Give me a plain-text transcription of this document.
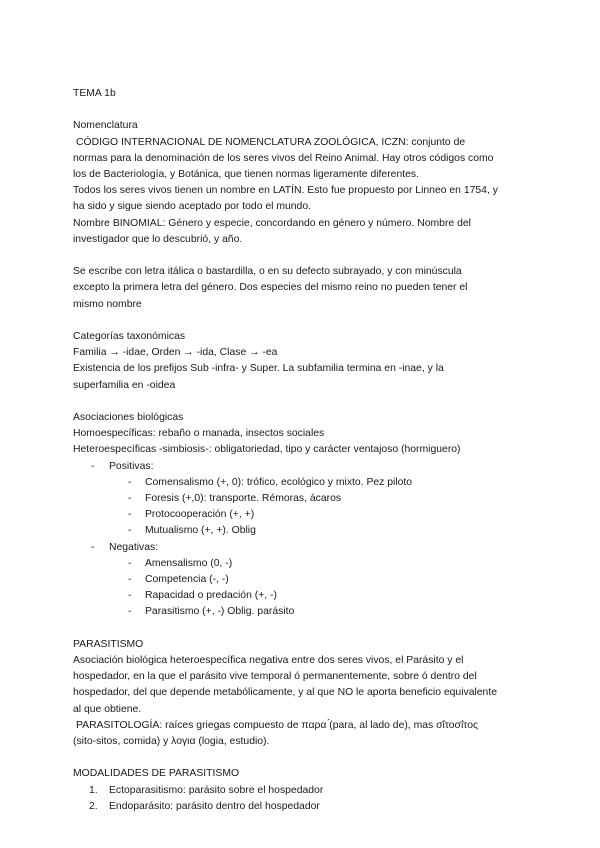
TEMA 1b

Nomenclatura

CÓDIGO INTERNACIONAL DE NOMENCLATURA ZOOLÓGICA, ICZN: conjunto de

normas para la denominación de los seres vivos del Reino Animal. Hay otros códigos como

los de Bacteriología, y Botánica, que tienen normas ligeramente diferentes.

Todos los seres vivos tienen un nombre en LATÍN. Esto fue propuesto por Linneo en 1754, y

ha sido y sigue siendo aceptado por todo el mundo.

Nombre BINOMIAL: Género y especie, concordando en género y número. Nombre del

investigador que lo descubrió, y año.

Se escribe con letra itálica o bastardilla, o en su defecto subrayado, y con minúscula

excepto la primera letra del género. Dos especies del mismo reino no pueden tener el

mismo nombre

Categorías taxonómicas

Familia → -idae, Orden → -ida, Clase → -ea

Existencia de los prefijos Sub -infra- y Super. La subfamilia termina en -inae, y la

superfamilia en -oidea

Asociaciones biológicas

Homoespecíficas: rebaño o manada, insectos sociales

Heteroespecíficas -simbiosis-: obligatoriedad, tipo y carácter ventajoso (hormiguero)

- Positivas:

- Comensalismo (+, 0): trófico, ecológico y mixto. Pez piloto

- Foresis (+,0): transporte. Rémoras, ácaros

- Protocooperación (+, +)

- Mutualismo (+, +). Oblig

- Negativas:

- Amensalismo (0, -)

- Competencia (-, -)

- Rapacidad o predación (+, -)

- Parasitismo (+, -) Oblig. parásito

PARASITISMO

Asociación biológica heteroespecífica negativa entre dos seres vivos, el Parásito y el

hospedador, en la que el parásito vive temporal ó permanentemente, sobre ó dentro del

hospedador, del que depende metabólicamente, y al que NO le aporta beneficio equivalente

al que obtiene.

PARASITOLOGÍA: raíces griegas compuesto de παρα ́(para, al lado de), mas σΐτοσΐτος

(sito-sitos, comida) y λογια (logia, estudio).

MODALIDADES DE PARASITISMO

1. Ectoparasitismo: parásito sobre el hospedador

2. Endoparásito: parásito dentro del hospedador
